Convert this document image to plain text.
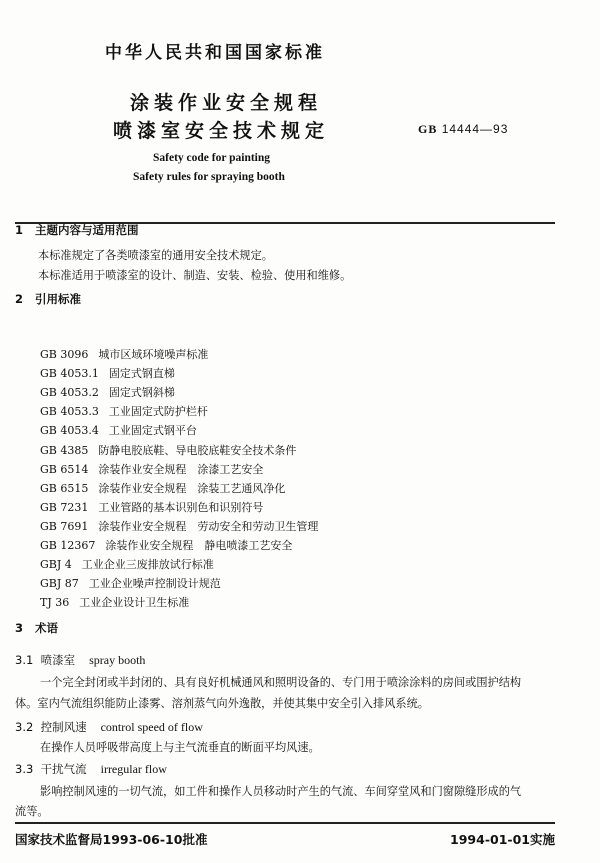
中华人民共和国国家标准
涂装作业安全规程
喷漆室安全技术规定	GB 14444—93
Safety code for painting
Safety rules for spraying booth
1 主题内容与适用范围
本标准规定了各类喷漆室的通用安全技术规定。
本标准适用于喷漆室的设计、制造、安装、检验、使用和维修。
2 引用标准
GB 3096 城市区域环境噪声标准
GB 4053.1 固定式钢直梯
GB 4053.2 固定式钢斜梯
GB 4053.3 工业固定式防护栏杆
GB 4053.4 工业固定式钢平台
GB 4385 防静电胶底鞋、导电胶底鞋安全技术条件
GB 6514 涂装作业安全规程　涂漆工艺安全
GB 6515 涂装作业安全规程　涂装工艺通风净化
GB 7231 工业管路的基本识别色和识别符号
GB 7691 涂装作业安全规程　劳动安全和劳动卫生管理
GB 12367 涂装作业安全规程　静电喷漆工艺安全
GBJ 4 工业企业三废排放试行标准
GBJ 87 工业企业噪声控制设计规范
TJ 36 工业企业设计卫生标准
3 术语
3.1 喷漆室 spray booth
一个完全封闭或半封闭的、具有良好机械通风和照明设备的、专门用于喷涂涂料的房间或围护结构
体。室内气流组织能防止漆雾、溶剂蒸气向外逸散，并使其集中安全引入排风系统。
3.2 控制风速 control speed of flow
在操作人员呼吸带高度上与主气流垂直的断面平均风速。
3.3 干扰气流 irregular flow
影响控制风速的一切气流，如工件和操作人员移动时产生的气流、车间穿堂风和门窗隙缝形成的气
流等。
国家技术监督局1993-06-10批准	1994-01-01实施
